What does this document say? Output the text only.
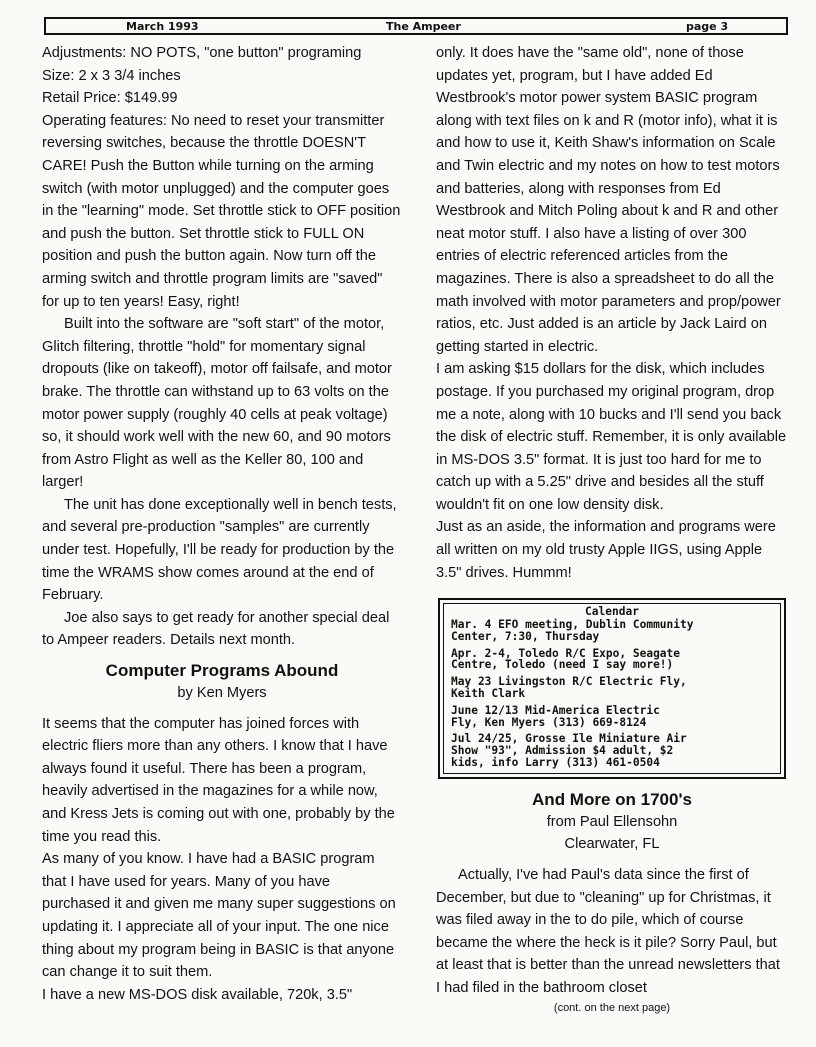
March 1993	The Ampeer	page 3

Adjustments: NO POTS, "one button" programing

Size: 2 x 3 3/4 inches

Retail Price: $149.99

Operating features: No need to reset your transmitter reversing switches, because the throttle DOESN'T CARE! Push the Button while turning on the arming switch (with motor unplugged) and the computer goes in the "learning" mode. Set throttle stick to OFF position and push the button. Set throttle stick to FULL ON position and push the button again. Now turn off the arming switch and throttle program limits are "saved" for up to ten years! Easy, right!

Built into the software are "soft start" of the motor, Glitch filtering, throttle "hold" for momentary signal dropouts (like on takeoff), motor off failsafe, and motor brake. The throttle can withstand up to 63 volts on the motor power supply (roughly 40 cells at peak voltage) so, it should work well with the new 60, and 90 motors from Astro Flight as well as the Keller 80, 100 and larger!

The unit has done exceptionally well in bench tests, and several pre-production "samples" are currently under test. Hopefully, I'll be ready for production by the time the WRAMS show comes around at the end of February.

Joe also says to get ready for another special deal to Ampeer readers. Details next month.

Computer Programs Abound

by Ken Myers

It seems that the computer has joined forces with electric fliers more than any others. I know that I have always found it useful. There has been a program, heavily advertised in the magazines for a while now, and Kress Jets is coming out with one, probably by the time you read this.

As many of you know. I have had a BASIC program that I have used for years. Many of you have purchased it and given me many super suggestions on updating it. I appreciate all of your input. The one nice thing about my program being in BASIC is that anyone can change it to suit them.

I have a new MS-DOS disk available, 720k, 3.5"

only. It does have the "same old", none of those updates yet, program, but I have added Ed Westbrook's motor power system BASIC program along with text files on k and R (motor info), what it is and how to use it, Keith Shaw's information on Scale and Twin electric and my notes on how to test motors and batteries, along with responses from Ed Westbrook and Mitch Poling about k and R and other neat motor stuff. I also have a listing of over 300 entries of electric referenced articles from the magazines. There is also a spreadsheet to do all the math involved with motor parameters and prop/power ratios, etc. Just added is an article by Jack Laird on getting started in electric.

I am asking $15 dollars for the disk, which includes postage. If you purchased my original program, drop me a note, along with 10 bucks and I'll send you back the disk of electric stuff. Remember, it is only available in MS-DOS 3.5" format. It is just too hard for me to catch up with a 5.25" drive and besides all the stuff wouldn't fit on one low density disk.

Just as an aside, the information and programs were all written on my old trusty Apple IIGS, using Apple 3.5" drives. Hummm!

Calendar
Mar. 4 EFO meeting, Dublin Community
Center, 7:30, Thursday
Apr. 2-4, Toledo R/C Expo, Seagate
Centre, Toledo (need I say more!)
May 23 Livingston R/C Electric Fly,
Keith Clark
June 12/13 Mid-America Electric
Fly, Ken Myers (313) 669-8124
Jul 24/25, Grosse Ile Miniature Air
Show "93", Admission $4 adult, $2
kids, info Larry (313) 461-0504

And More on 1700's

from Paul Ellensohn

Clearwater, FL

Actually, I've had Paul's data since the first of December, but due to "cleaning" up for Christmas, it was filed away in the to do pile, which of course became the where the heck is it pile? Sorry Paul, but at least that is better than the unread newsletters that I had filed in the bathroom closet

(cont. on the next page)
